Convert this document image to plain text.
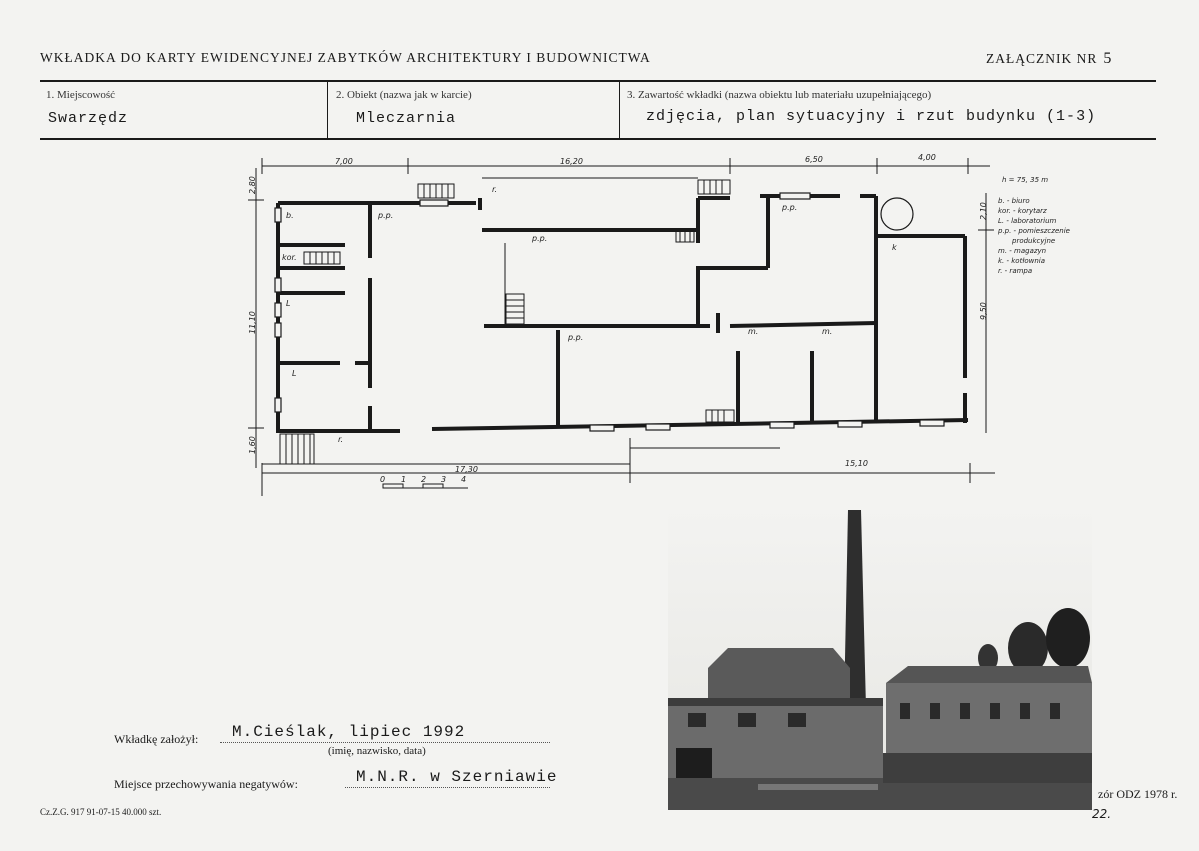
WKŁADKA DO KARTY EWIDENCYJNEJ ZABYTKÓW ARCHITEKTURY I BUDOWNICTWA	ZAŁĄCZNIK NR 5
1. Miejscowość
Swarzędz
2. Obiekt (nazwa jak w karcie)
Mleczarnia
3. Zawartość wkładki (nazwa obiektu lub materiału uzupełniającego)
zdjęcia, plan sytuacyjny i rzut budynku (1-3)
7,00	16,20	6,50	4,00
17,30
15,10
2,80
11,10
1,60
2,10
9,50
0 1 2 3 4
b.
kor.
L
L
p.p.
p.p.
p.p.
p.p.
m.	m.
k
r.
r.
h = 75, 35 m
b. - biuro
kor. - korytarz
L. - laboratorium
p.p. - pomieszczenie
produkcyjne
m. - magazyn
k. - kotłownia
r. - rampa
Wkładkę założył: M.Cieślak, lipiec 1992
(imię, nazwisko, data)
Miejsce przechowywania negatywów:	M.N.R. w Szerniawie
Cz.Z.G. 917 91-07-15 40.000 szt.
zór ODZ 1978 r.
22.
